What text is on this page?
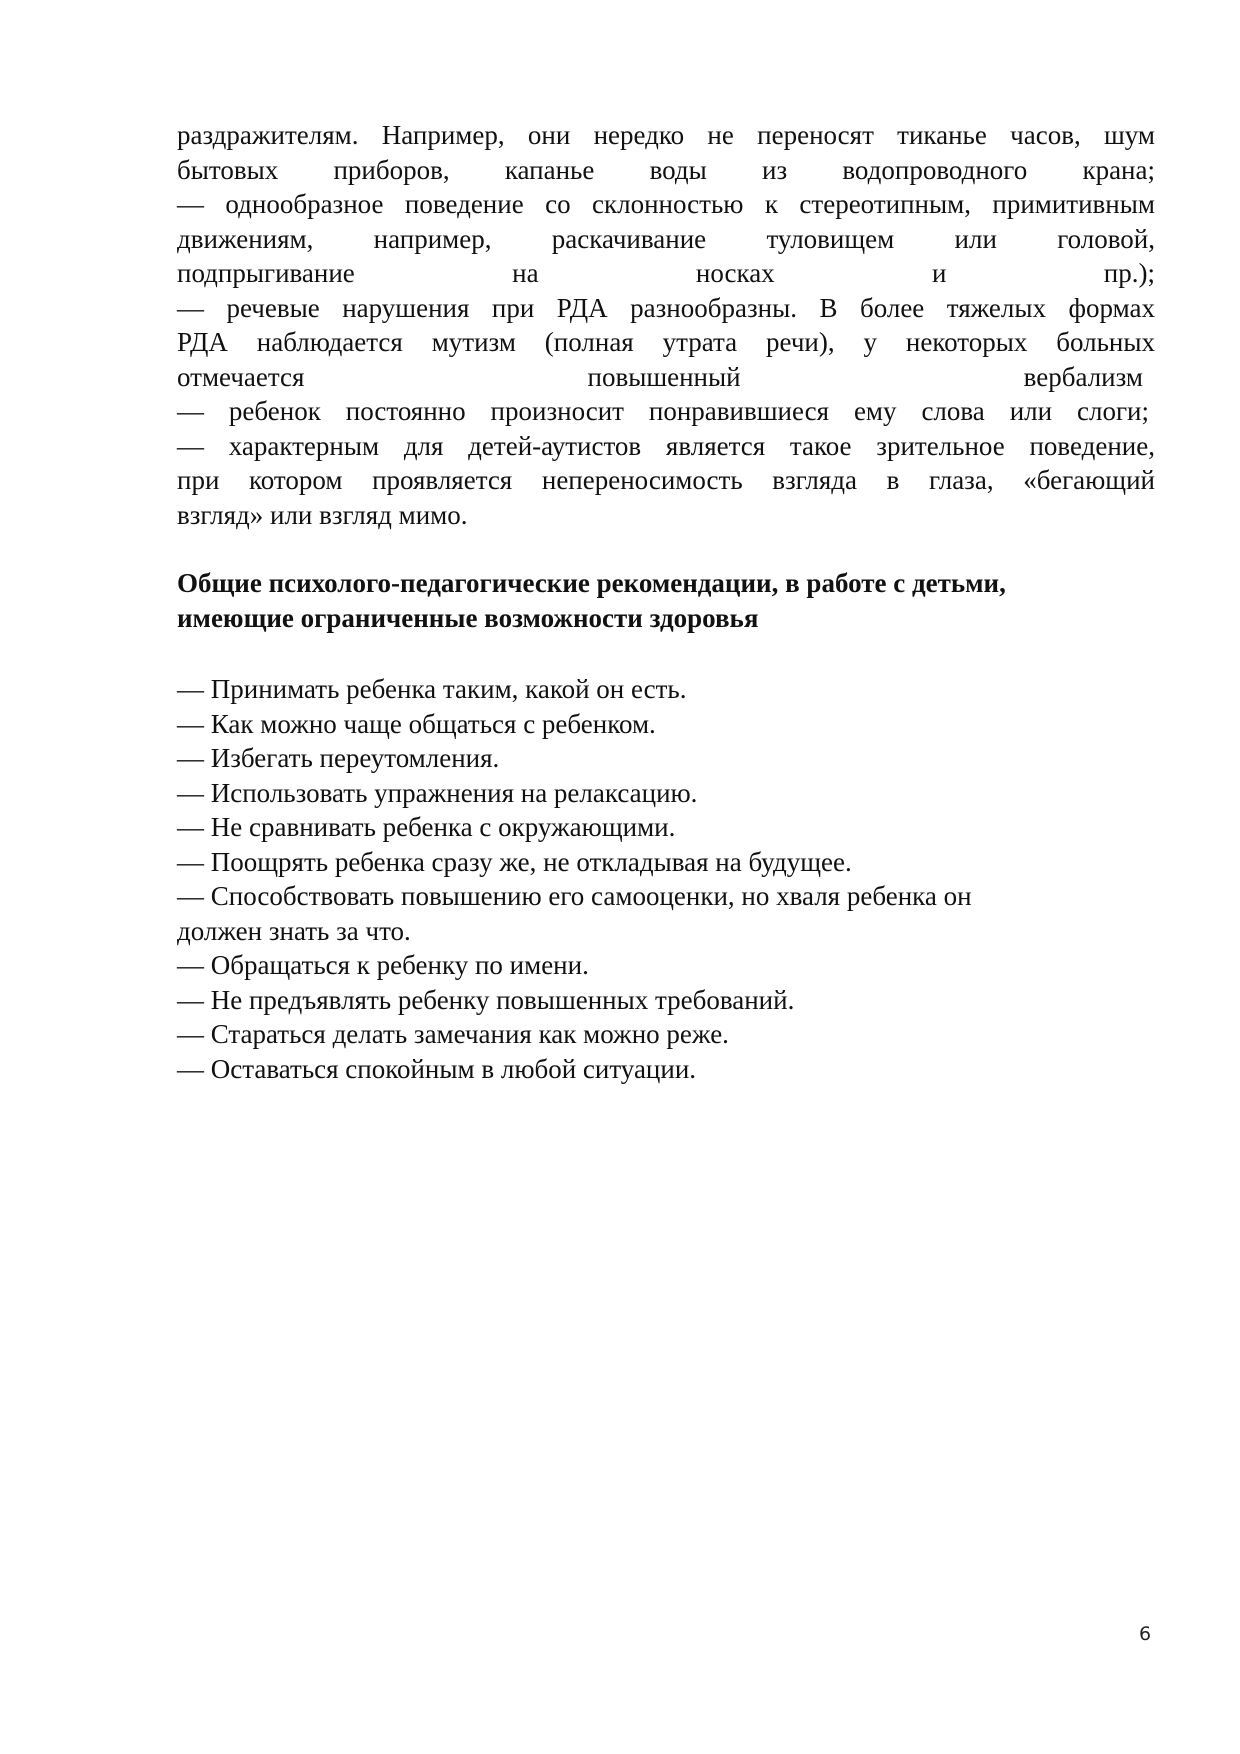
раздражителям. Например, они нередко не переносят тиканье часов, шум
бытовых приборов, капанье воды из водопроводного крана;
— однообразное поведение со склонностью к стереотипным, примитивным
движениям, например, раскачивание туловищем или головой,
подпрыгивание на носках и пр.);
— речевые нарушения при РДА разнообразны. В более тяжелых формах
РДА наблюдается мутизм (полная утрата речи), у некоторых больных
отмечается повышенный вербализм
— ребенок постоянно произносит понравившиеся ему слова или слоги;
— характерным для детей-аутистов является такое зрительное поведение,
при котором проявляется непереносимость взгляда в глаза, «бегающий
взгляд» или взгляд мимо.
Общие психолого-педагогические рекомендации, в работе с детьми,
имеющие ограниченные возможности здоровья
— Принимать ребенка таким, какой он есть.
— Как можно чаще общаться с ребенком.
— Избегать переутомления.
— Использовать упражнения на релаксацию.
— Не сравнивать ребенка с окружающими.
— Поощрять ребенка сразу же, не откладывая на будущее.
— Способствовать повышению его самооценки, но хваля ребенка он
должен знать за что.
— Обращаться к ребенку по имени.
— Не предъявлять ребенку повышенных требований.
— Стараться делать замечания как можно реже.
— Оставаться спокойным в любой ситуации.
6
